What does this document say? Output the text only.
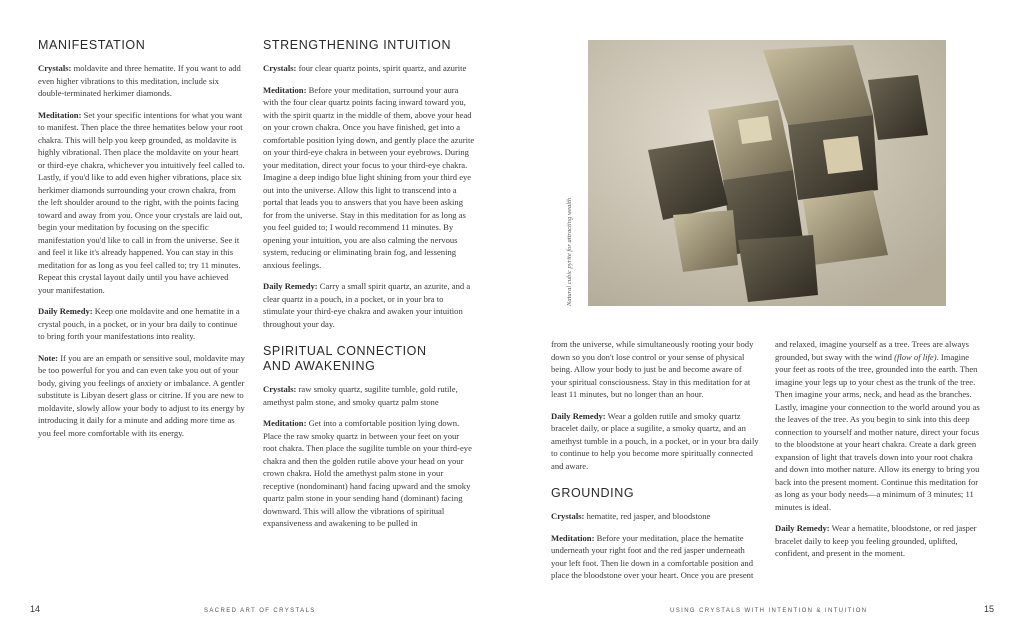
MANIFESTATION

Crystals: moldavite and three hematite. If you want to add even higher vibrations to this meditation, include six double-terminated herkimer diamonds.

Meditation: Set your specific intentions for what you want to manifest. Then place the three hematites below your root chakra. This will help you keep grounded, as moldavite is highly vibrational. Then place the moldavite on your heart or third-eye chakra, whichever you intuitively feel called to. Lastly, if you'd like to add even higher vibrations, place six herkimer diamonds surrounding your crown chakra, from the left shoulder around to the right, with the points facing toward and away from you. Once your crystals are laid out, begin your meditation by focusing on the specific manifestation you'd like to call in from the universe. See it and feel it like it's already happened. You can stay in this meditation for as long as you feel called to; try 11 minutes. Repeat this crystal layout daily until you have achieved your manifestation.

Daily Remedy: Keep one moldavite and one hematite in a crystal pouch, in a pocket, or in your bra daily to continue to bring forth your manifestations into reality.

Note: If you are an empath or sensitive soul, moldavite may be too powerful for you and can even take you out of your body, giving you feelings of anxiety or imbalance. A gentler substitute is Libyan desert glass or citrine. If you are new to moldavite, slowly allow your body to adjust to its energy by introducing it daily for a minute and adding more time as you feel more comfortable with its energy.

STRENGTHENING INTUITION

Crystals: four clear quartz points, spirit quartz, and azurite

Meditation: Before your meditation, surround your aura with the four clear quartz points facing inward toward you, with the spirit quartz in the middle of them, above your head on your crown chakra. Once you have finished, get into a comfortable position lying down, and gently place the azurite on your third-eye chakra in between your eyebrows. During your meditation, direct your focus to your third-eye chakra. Imagine a deep indigo blue light shining from your third eye out into the universe. Allow this light to transcend into a portal that leads you to answers that you have been asking for from the universe. Stay in this meditation for as long as you feel guided to; I would recommend 11 minutes. By opening your intuition, you are also calming the nervous system, reducing or eliminating brain fog, and lessening anxious feelings.

Daily Remedy: Carry a small spirit quartz, an azurite, and a clear quartz in a pouch, in a pocket, or in your bra to stimulate your third-eye chakra and awaken your intuition throughout your day.

SPIRITUAL CONNECTION
AND AWAKENING

Crystals: raw smoky quartz, sugilite tumble, gold rutile, amethyst palm stone, and smoky quartz palm stone

Meditation: Get into a comfortable position lying down. Place the raw smoky quartz in between your feet on your root chakra. Then place the sugilite tumble on your third-eye chakra and then the golden rutile above your head on your crown chakra. Hold the amethyst palm stone in your receptive (nondominant) hand facing upward and the smoky quartz palm stone in your sending hand (dominant) facing downward. This will allow the vibrations of spiritual expansiveness and awakening to be pulled in

Natural cubic pyrite for attracting wealth

from the universe, while simultaneously rooting your body down so you don't lose control or your sense of physical being. Allow your body to just be and become aware of your spiritual consciousness. Stay in this meditation for at least 11 minutes, but no longer than an hour.

Daily Remedy: Wear a golden rutile and smoky quartz bracelet daily, or place a sugilite, a smoky quartz, and an amethyst tumble in a pouch, in a pocket, or in your bra daily to continue to help you become more spiritually connected and aware.

GROUNDING

Crystals: hematite, red jasper, and bloodstone

Meditation: Before your meditation, place the hematite underneath your right foot and the red jasper underneath your left foot. Then lie down in a comfortable position and place the bloodstone over your heart. Once you are present

and relaxed, imagine yourself as a tree. Trees are always grounded, but sway with the wind (flow of life). Imagine your feet as roots of the tree, grounded into the earth. Then imagine your legs up to your chest as the trunk of the tree. Then imagine your arms, neck, and head as the branches. Lastly, imagine your connection to the world around you as the leaves of the tree. As you begin to sink into this deep connection to yourself and mother nature, direct your focus to the bloodstone at your heart chakra. Create a dark green expansion of light that travels down into your root chakra and down into mother nature. Allow its energy to bring you back into the present moment. Continue this meditation for as long as your body needs—a minimum of 3 minutes; 11 minutes is ideal.

Daily Remedy: Wear a hematite, bloodstone, or red jasper bracelet daily to keep you feeling grounded, uplifted, confident, and present in the moment.

14	SACRED ART OF CRYSTALS	USING CRYSTALS WITH INTENTION & INTUITION	15
